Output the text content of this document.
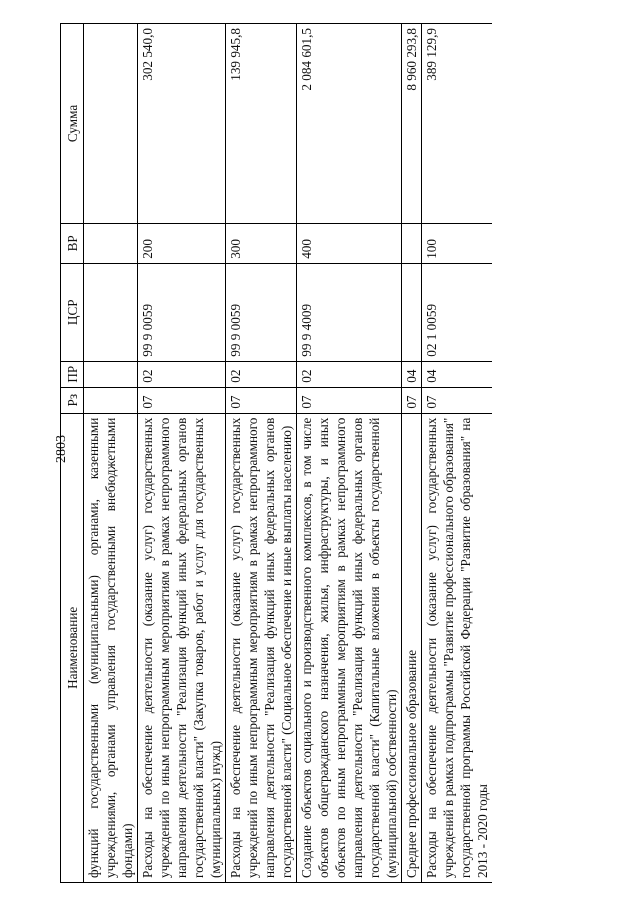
2803
Наименование	Рз	ПР	ЦСР	ВР	Сумма
функций государственными (муниципальными) органами, казенными учреждениями, органами управления государственными внебюджетными фондами)					
Расходы на обеспечение деятельности (оказание услуг) государственных учреждений по иным непрограммным мероприятиям в рамках непрограммного направления деятельности "Реализация функций иных федеральных органов государственной власти" (Закупка товаров, работ и услуг для государственных (муниципальных) нужд)	07	02	99 9 0059	200	302 540,0
Расходы на обеспечение деятельности (оказание услуг) государственных учреждений по иным непрограммным мероприятиям в рамках непрограммного направления деятельности "Реализация функций иных федеральных органов государственной власти" (Социальное обеспечение и иные выплаты населению)	07	02	99 9 0059	300	139 945,8
Создание объектов социального и производственного комплексов, в том числе объектов общегражданского назначения, жилья, инфраструктуры, и иных объектов по иным непрограммным мероприятиям в рамках непрограммного направления деятельности "Реализация функций иных федеральных органов государственной власти" (Капитальные вложения в объекты государственной (муниципальной) собственности)	07	02	99 9 4009	400	2 084 601,5
Среднее профессиональное образование	07	04			8 960 293,8
Расходы на обеспечение деятельности (оказание услуг) государственных учреждений в рамках подпрограммы "Развитие профессионального образования" государственной программы Российской Федерации "Развитие образования" на 2013 - 2020 годы	07	04	02 1 0059	100	389 129,9
